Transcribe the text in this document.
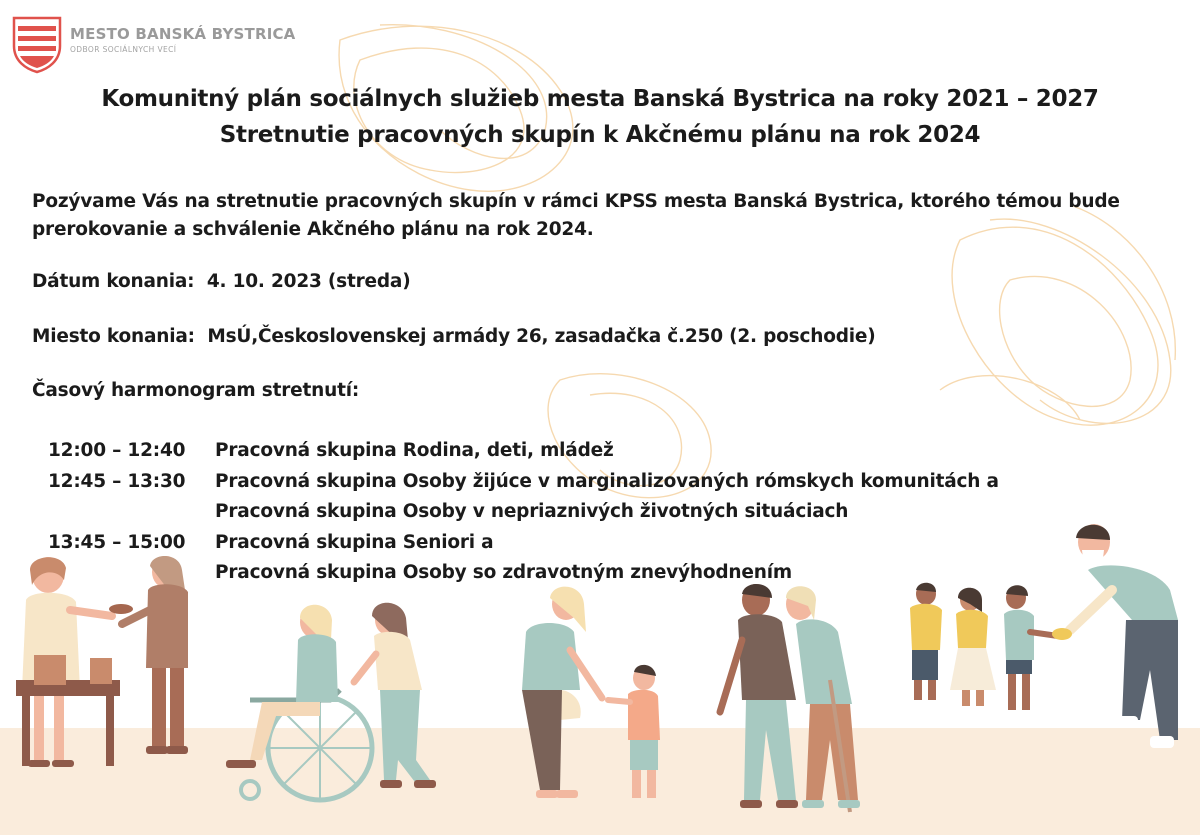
MESTO BANSKÁ BYSTRICA
ODBOR SOCIÁLNYCH VECÍ
Komunitný plán sociálnych služieb mesta Banská Bystrica na roky 2021 – 2027
Stretnutie pracovných skupín k Akčnému plánu na rok 2024
Pozývame Vás na stretnutie pracovných skupín v rámci KPSS mesta Banská Bystrica, ktorého témou bude
prerokovanie a schválenie Akčného plánu na rok 2024.
Dátum konania: 4. 10. 2023 (streda)
Miesto konania: MsÚ,Československej armády 26, zasadačka č.250 (2. poschodie)
Časový harmonogram stretnutí:
12:00 – 12:40 Pracovná skupina Rodina, deti, mládež
12:45 – 13:30 Pracovná skupina Osoby žijúce v marginalizovaných rómskych komunitách a
Pracovná skupina Osoby v nepriaznivých životných situáciach
13:45 – 15:00 Pracovná skupina Seniori a
Pracovná skupina Osoby so zdravotným znevýhodnením
